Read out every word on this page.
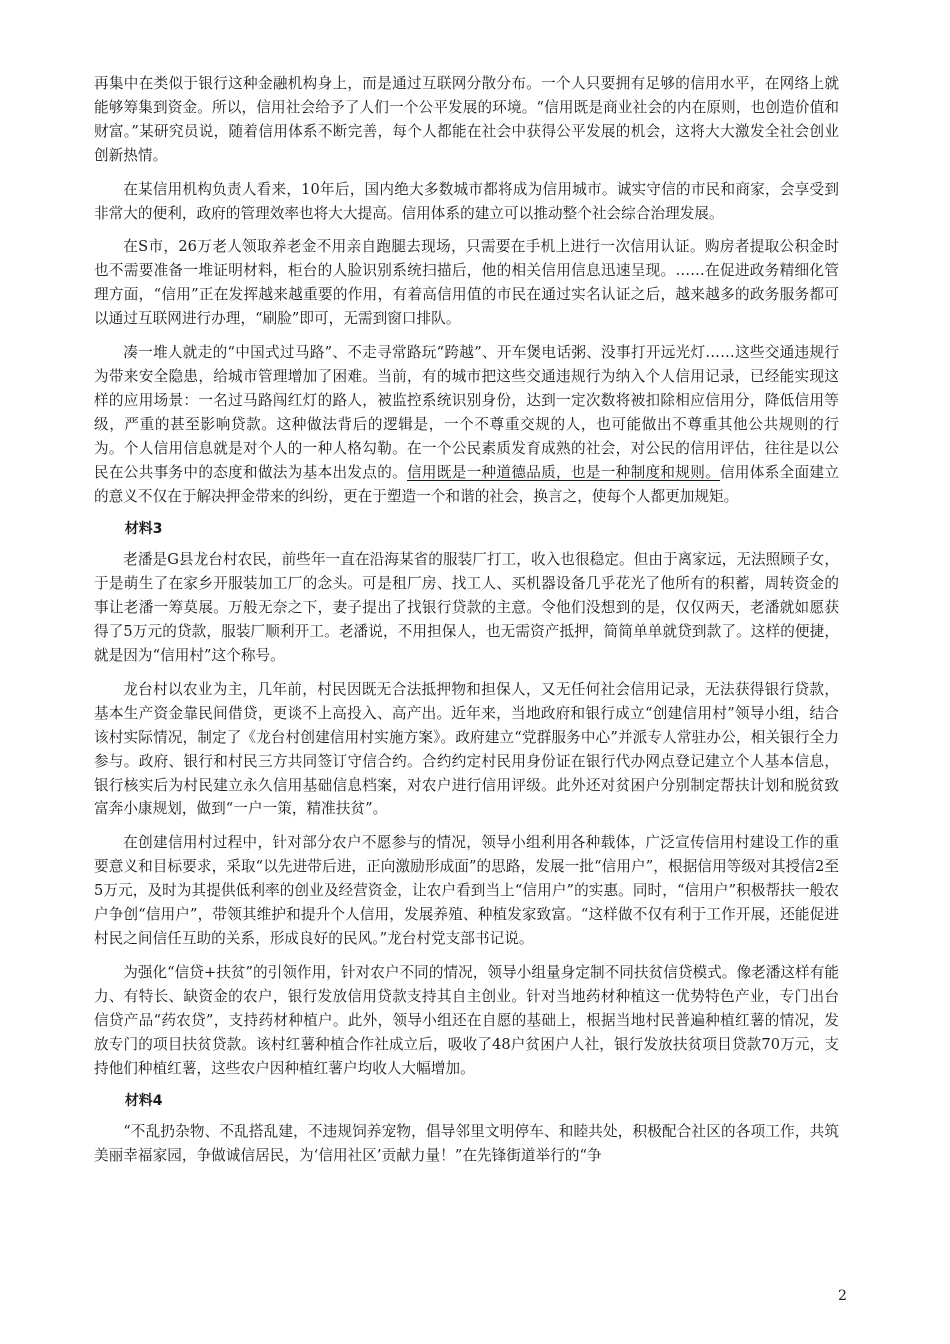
再集中在类似于银行这种金融机构身上，而是通过互联网分散分布。一个人只要拥有足够的信用水平，在网络上就能够筹集到资金。所以，信用社会给予了人们一个公平发展的环境。“信用既是商业社会的内在原则，也创造价值和财富。”某研究员说，随着信用体系不断完善，每个人都能在社会中获得公平发展的机会，这将大大激发全社会创业创新热情。

在某信用机构负责人看来，10年后，国内绝大多数城市都将成为信用城市。诚实守信的市民和商家，会享受到非常大的便利，政府的管理效率也将大大提高。信用体系的建立可以推动整个社会综合治理发展。

在S市，26万老人领取养老金不用亲自跑腿去现场，只需要在手机上进行一次信用认证。购房者提取公积金时也不需要准备一堆证明材料，柜台的人脸识别系统扫描后，他的相关信用信息迅速呈现。……在促进政务精细化管理方面，“信用”正在发挥越来越重要的作用，有着高信用值的市民在通过实名认证之后，越来越多的政务服务都可以通过互联网进行办理，“刷脸”即可，无需到窗口排队。

凑一堆人就走的“中国式过马路”、不走寻常路玩“跨越”、开车煲电话粥、没事打开远光灯……这些交通违规行为带来安全隐患，给城市管理增加了困难。当前，有的城市把这些交通违规行为纳入个人信用记录，已经能实现这样的应用场景：一名过马路闯红灯的路人，被监控系统识别身份，达到一定次数将被扣除相应信用分，降低信用等级，严重的甚至影响贷款。这种做法背后的逻辑是，一个不尊重交规的人，也可能做出不尊重其他公共规则的行为。个人信用信息就是对个人的一种人格勾勒。在一个公民素质发育成熟的社会，对公民的信用评估，往往是以公民在公共事务中的态度和做法为基本出发点的。信用既是一种道德品质，也是一种制度和规则。信用体系全面建立的意义不仅在于解决押金带来的纠纷，更在于塑造一个和谐的社会，换言之，使每个人都更加规矩。

材料3

老潘是G县龙台村农民，前些年一直在沿海某省的服装厂打工，收入也很稳定。但由于离家远，无法照顾子女，于是萌生了在家乡开服装加工厂的念头。可是租厂房、找工人、买机器设备几乎花光了他所有的积蓄，周转资金的事让老潘一筹莫展。万般无奈之下，妻子提出了找银行贷款的主意。令他们没想到的是，仅仅两天，老潘就如愿获得了5万元的贷款，服装厂顺利开工。老潘说，不用担保人，也无需资产抵押，简简单单就贷到款了。这样的便捷，就是因为“信用村”这个称号。

龙台村以农业为主，几年前，村民因既无合法抵押物和担保人，又无任何社会信用记录，无法获得银行贷款，基本生产资金靠民间借贷，更谈不上高投入、高产出。近年来，当地政府和银行成立“创建信用村”领导小组，结合该村实际情况，制定了《龙台村创建信用村实施方案》。政府建立“党群服务中心”并派专人常驻办公，相关银行全力参与。政府、银行和村民三方共同签订守信合约。合约约定村民用身份证在银行代办网点登记建立个人基本信息，银行核实后为村民建立永久信用基础信息档案，对农户进行信用评级。此外还对贫困户分别制定帮扶计划和脱贫致富奔小康规划，做到“一户一策，精准扶贫”。

在创建信用村过程中，针对部分农户不愿参与的情况，领导小组利用各种载体，广泛宣传信用村建设工作的重要意义和目标要求，采取“以先进带后进，正向激励形成面”的思路，发展一批“信用户”，根据信用等级对其授信2至5万元，及时为其提供低利率的创业及经营资金，让农户看到当上“信用户”的实惠。同时，“信用户”积极帮扶一般农户争创“信用户”，带领其维护和提升个人信用，发展养殖、种植发家致富。“这样做不仅有利于工作开展，还能促进村民之间信任互助的关系，形成良好的民风。”龙台村党支部书记说。

为强化“信贷+扶贫”的引领作用，针对农户不同的情况，领导小组量身定制不同扶贫信贷模式。像老潘这样有能力、有特长、缺资金的农户，银行发放信用贷款支持其自主创业。针对当地药材种植这一优势特色产业，专门出台信贷产品“药农贷”，支持药材种植户。此外，领导小组还在自愿的基础上，根据当地村民普遍种植红薯的情况，发放专门的项目扶贫贷款。该村红薯种植合作社成立后，吸收了48户贫困户人社，银行发放扶贫项目贷款70万元，支持他们种植红薯，这些农户因种植红薯户均收人大幅增加。

材料4

“不乱扔杂物、不乱搭乱建，不违规饲养宠物，倡导邻里文明停车、和睦共处，积极配合社区的各项工作，共筑美丽幸福家园，争做诚信居民，为‘信用社区’贡献力量！”在先锋街道举行的“争

2
